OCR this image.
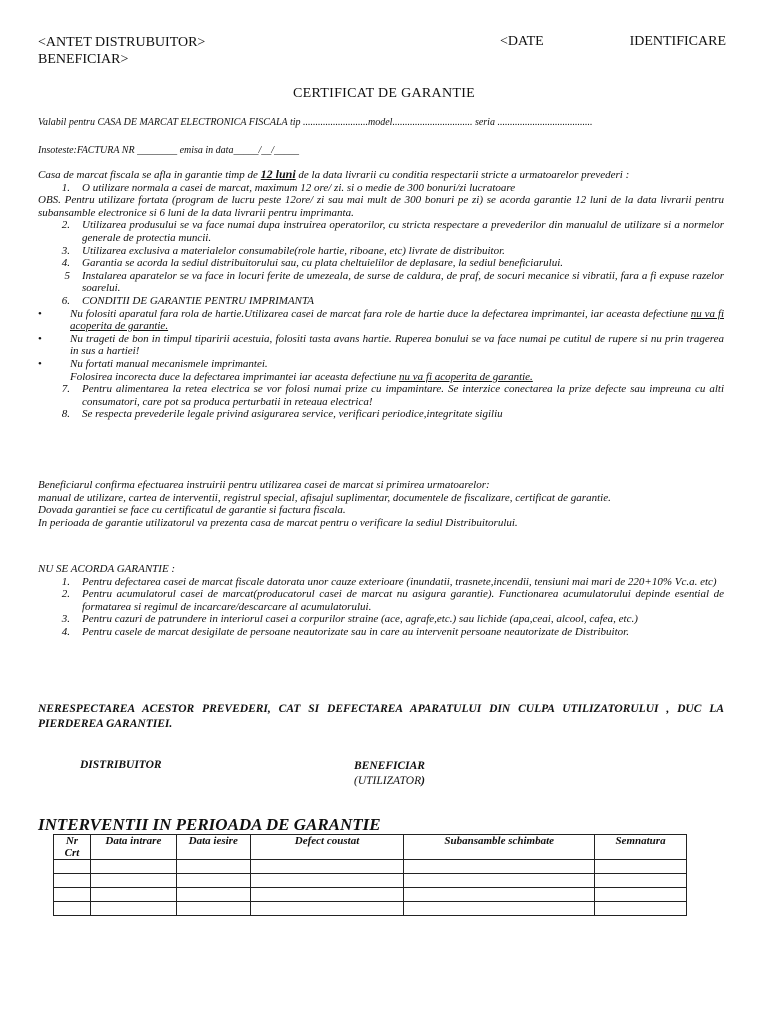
<ANTET DISTRUBUITOR>
BENEFICIAR>
<DATE	IDENTIFICARE
CERTIFICAT DE GARANTIE
Valabil pentru CASA DE MARCAT ELECTRONICA FISCALA tip ..........................model................................ seria ......................................
Insoteste:FACTURA NR ________ emisa in data_____/__/_____

Casa de marcat fiscala se afla in garantie timp de 12 luni de la data livrarii cu conditia respectarii stricte a urmatoarelor prevederi :

1.	O utilizare normala a casei de marcat, maximum 12 ore/ zi. si o medie de 300 bonuri/zi lucratoare

OBS. Pentru utilizare fortata (program de lucru peste 12ore/ zi sau mai mult de 300 bonuri pe zi) se acorda garantie 12 luni de la data livrarii pentru subansamble electronice si 6 luni de la data livrarii pentru imprimanta.

2.	Utilizarea produsului se va face numai dupa instruirea operatorilor, cu stricta respectare a prevederilor din manualul de utilizare si a normelor generale de protectia muncii.
3.	Utilizarea exclusiva a materialelor consumabile(role hartie, riboane, etc) livrate de distribuitor.
4.	Garantia se acorda la sediul distribuitorului sau, cu plata cheltuielilor de deplasare, la sediul beneficiarului.
5	Instalarea aparatelor se va face in locuri ferite de umezeala, de surse de caldura, de praf, de socuri mecanice si vibratii, fara a fi expuse razelor soarelui.
6.	CONDITII DE GARANTIE PENTRU IMPRIMANTA
•	Nu folositi aparatul fara rola de hartie.Utilizarea casei de marcat fara role de hartie duce la defectarea imprimantei, iar aceasta defectiune nu va fi acoperita de garantie.
•	Nu trageti de bon in timpul tiparirii acestuia, folositi tasta avans hartie. Ruperea bonului se va face numai pe cutitul de rupere si nu prin tragerea in sus a hartiei!
•	Nu fortati manual mecanismele imprimantei.
Folosirea incorecta duce la defectarea imprimantei iar aceasta defectiune nu va fi acoperita de garantie.
7.	Pentru alimentarea la retea electrica se vor folosi numai prize cu impamintare. Se interzice conectarea la prize defecte sau impreuna cu alti consumatori, care pot sa produca perturbatii in reteaua electrica!
8.	Se respecta prevederile legale privind asigurarea service, verificari periodice,integritate sigiliu

Beneficiarul confirma efectuarea instruirii pentru utilizarea casei de marcat si primirea urmatoarelor:

manual de utilizare, cartea de interventii, registrul special, afisajul suplimentar, documentele de fiscalizare, certificat de garantie.

Dovada garantiei se face cu certificatul de garantie si factura fiscala.

In perioada de garantie utilizatorul va prezenta casa de marcat pentru o verificare la sediul Distribuitorului.

NU SE ACORDA GARANTIE :

1.	Pentru defectarea casei de marcat fiscale datorata unor cauze exterioare (inundatii, trasnete,incendii, tensiuni mai mari de 220+10% Vc.a. etc)
2.	Pentru acumulatorul casei de marcat(producatorul casei de marcat nu asigura garantie). Functionarea acumulatorului depinde esential de formatarea si regimul de incarcare/descarcare al acumulatorului.
3.	Pentru cazuri de patrundere in interiorul casei a corpurilor straine (ace, agrafe,etc.) sau lichide (apa,ceai, alcool, cafea, etc.)
4.	Pentru casele de marcat desigilate de persoane neautorizate sau in care au intervenit persoane neautorizate de Distribuitor.
NERESPECTAREA ACESTOR PREVEDERI, CAT SI DEFECTAREA APARATULUI DIN CULPA UTILIZATORULUI , DUC LA PIERDEREA GARANTIEI.
DISTRIBUITOR	BENEFICIAR
(UTILIZATOR)
INTERVENTII IN PERIOADA DE GARANTIE
Nr Crt	Data intrare	Data iesire	Defect coustat	Subansamble schimbate	Semnatura
